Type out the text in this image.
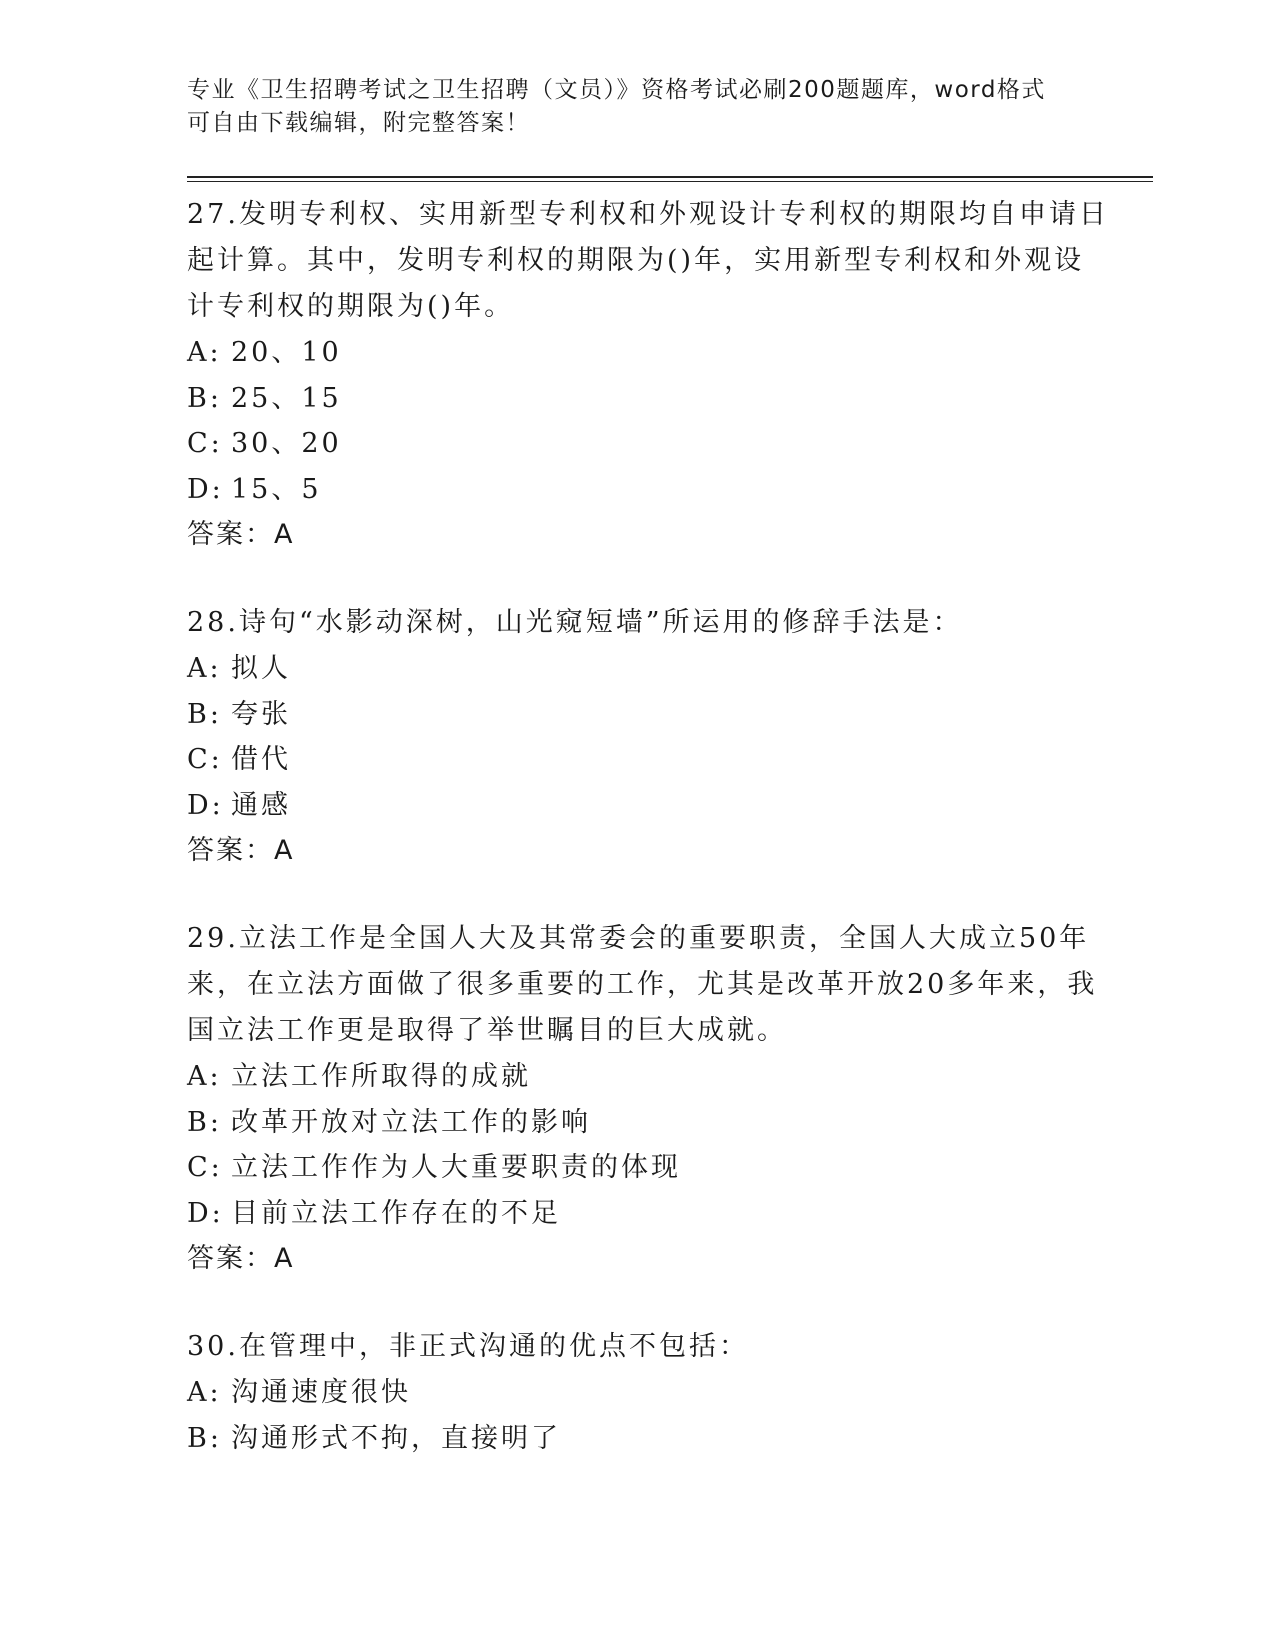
专业《卫生招聘考试之卫生招聘（文员）》资格考试必刷200题题库，word格式

可自由下载编辑，附完整答案！

27.发明专利权、实用新型专利权和外观设计专利权的期限均自申请日

起计算。其中，发明专利权的期限为()年，实用新型专利权和外观设

计专利权的期限为()年。

A: 20、10

B: 25、15

C: 30、20

D: 15、5

答案：A

28.诗句“水影动深树，山光窥短墙”所运用的修辞手法是：

A: 拟人

B: 夸张

C: 借代

D: 通感

答案：A

29.立法工作是全国人大及其常委会的重要职责，全国人大成立50年

来，在立法方面做了很多重要的工作，尤其是改革开放20多年来，我

国立法工作更是取得了举世瞩目的巨大成就。

A: 立法工作所取得的成就

B: 改革开放对立法工作的影响

C: 立法工作作为人大重要职责的体现

D: 目前立法工作存在的不足

答案：A

30.在管理中，非正式沟通的优点不包括：

A: 沟通速度很快

B: 沟通形式不拘，直接明了
